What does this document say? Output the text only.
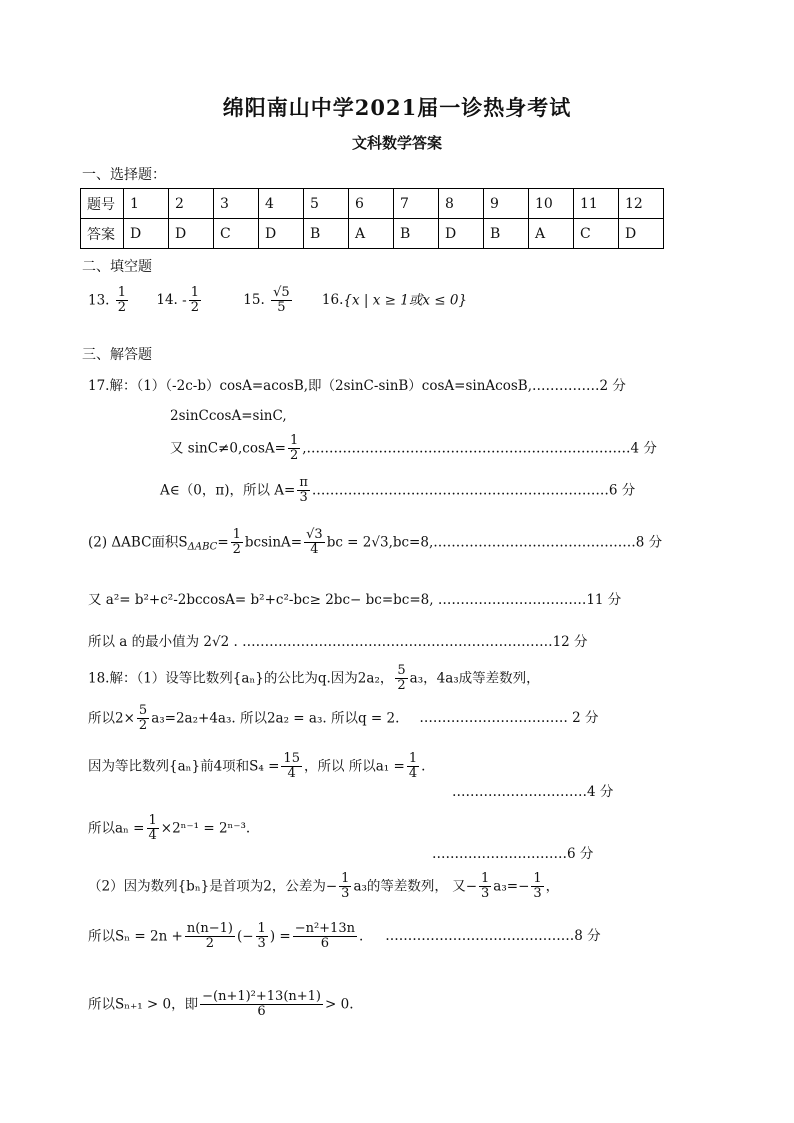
绵阳南山中学2021届一诊热身考试
文科数学答案
一、选择题：
题号	1	2	3	4	5	6	7	8	9	10	11	12
答案	D	D	C	D	B	A	B	D	B	A	C	D
二、填空题
13. $\frac{1}{2} 14$. - $\frac{1}{2}$	15. $\frac{√5}{5} 16.\{x$ | x ≥ 1或x ≤ 0}
三、解答题
17.解：（1）（-2c-b）cosA=acosB,即（2sinC-sinB）cosA=sinAcosB,……………2 分
2sinCcosA=sinC,
又 $\sin C\ne 0,\cos A= \frac{1}{2}$ ,………………………………………………………………4 分
A∈（0，π)，所以 $A= \frac{\pi}{3}$ …………………………………………………………6 分
(2) ΔABC面积$S_{\Delta ABC}= \frac{1}{2} bcsinA= \frac{√3}{4}$ bc = 2√3,bc=8,………………………………………8 分
又 a²= b²+c²-2bccosA= b²+c²-bc≥ 2bc− bc=bc=8, ……………………………11 分
所以 a 的最小值为 2√2 . ……………………………………………………………12 分
18.解：（1）设等比数列{aₙ}的公比为q.因为2a₂， $\frac{5}{2} a_3$，4a₃成等差数列，
所以$2\times \frac{5}{2} a_3=2a_2+4a_3$. 所以2a₂ = a₃. 所以q = 2. …………………………… 2 分
因为等比数列{aₙ}前4项和$S_4 = \frac{15}{4}$ ，所以 所以$a_1 = \frac{1}{4}$ .
…………………………4 分
所以$a_n = \frac{1}{4} \times 2^{n-1} = 2^{n-3}$.
…………………………6 分
（2）因为数列{bₙ}是首项为2，公差为− $\frac{1}{3} a_3$的等差数列， 又− $\frac{1}{3} a_3=- \frac{1}{3}$ ，
所以$S_n = 2n + \frac{n(n-1)}{2}$ (− $\frac{1}{3}$ ) = $\frac{\text{−n²+13n}}{6}$ . ……………………………………8 分
所以Sₙ₊₁ > 0，即 $\frac{\text{−(n+1)²+13(n+1)}}{6} > 0$.
